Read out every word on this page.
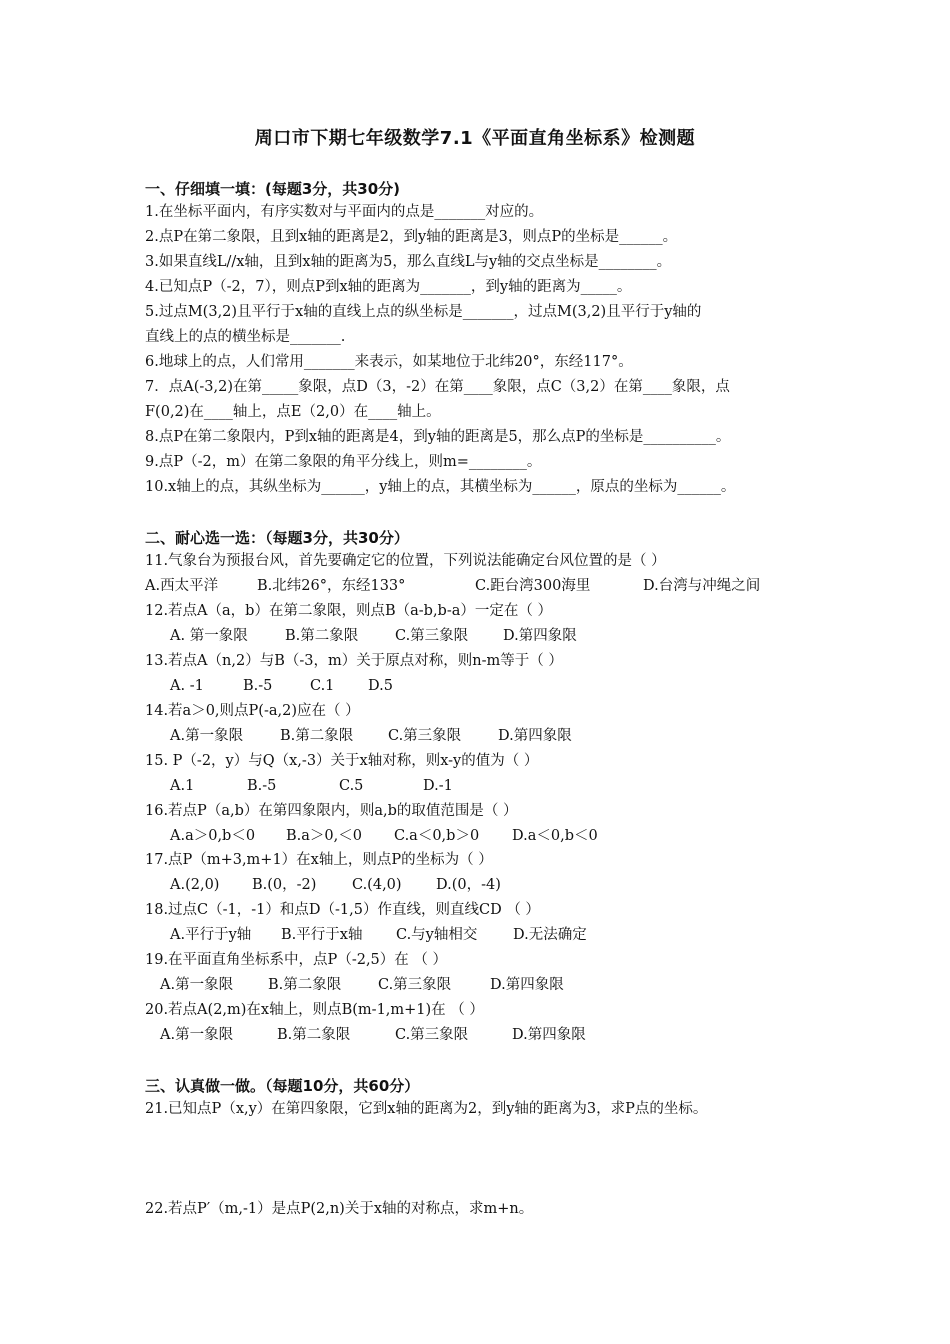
周口市下期七年级数学7.1《平面直角坐标系》检测题
一、仔细填一填：(每题3分，共30分)
1.在坐标平面内，有序实数对与平面内的点是_______对应的。
2.点P在第二象限，且到x轴的距离是2，到y轴的距离是3，则点P的坐标是______。
3.如果直线L//x轴，且到x轴的距离为5，那么直线L与y轴的交点坐标是________。
4.已知点P（-2，7），则点P到x轴的距离为_______，到y轴的距离为_____。
5.过点M(3,2)且平行于x轴的直线上点的纵坐标是_______，过点M(3,2)且平行于y轴的
直线上的点的横坐标是_______.
6.地球上的点，人们常用_______来表示，如某地位于北纬20°，东经117°。
7．点A(-3,2)在第_____象限，点D（3，-2）在第____象限，点C（3,2）在第____象限，点
F(0,2)在____轴上，点E（2,0）在____轴上。
8.点P在第二象限内，P到x轴的距离是4，到y轴的距离是5，那么点P的坐标是__________。
9.点P（-2，m）在第二象限的角平分线上，则m=________。
10.x轴上的点，其纵坐标为______，y轴上的点，其横坐标为______，原点的坐标为______。
二、耐心选一选：（每题3分，共30分）
11.气象台为预报台风，首先要确定它的位置，下列说法能确定台风位置的是（ ）
A.西太平洋	B.北纬26°，东经133°	C.距台湾300海里	D.台湾与冲绳之间
12.若点A（a，b）在第二象限，则点B（a-b,b-a）一定在（ ）
A. 第一象限	B.第二象限	C.第三象限 D.第四象限
13.若点A（n,2）与B（-3，m）关于原点对称，则n-m等于（ ）
A. -1	B.-5	C.1 D.5
14.若a＞0,则点P(-a,2)应在（ ）
A.第一象限	B.第二象限 C.第三象限	D.第四象限
15. P（-2，y）与Q（x,-3）关于x轴对称，则x-y的值为（ ）
A.1	B.-5	C.5	D.-1
16.若点P（a,b）在第四象限内，则a,b的取值范围是（ ）
A.a＞0,b＜0 B.a＞0,＜0 C.a＜0,b＞0 D.a＜0,b＜0
17.点P（m+3,m+1）在x轴上，则点P的坐标为（ ）
A.(2,0) B.(0，-2) C.(4,0) D.(0，-4)
18.过点C（-1，-1）和点D（-1,5）作直线，则直线CD （ ）
A.平行于y轴 B.平行于x轴 C.与y轴相交 D.无法确定
19.在平面直角坐标系中，点P（-2,5）在 （ ）
A.第一象限 B.第二象限	C.第三象限	D.第四象限
20.若点A(2,m)在x轴上，则点B(m-1,m+1)在 （ ）
A.第一象限	B.第二象限	C.第三象限	D.第四象限
三、认真做一做。（每题10分，共60分）
21.已知点P（x,y）在第四象限，它到x轴的距离为2，到y轴的距离为3，求P点的坐标。
22.若点P′（m,-1）是点P(2,n)关于x轴的对称点，求m+n。
